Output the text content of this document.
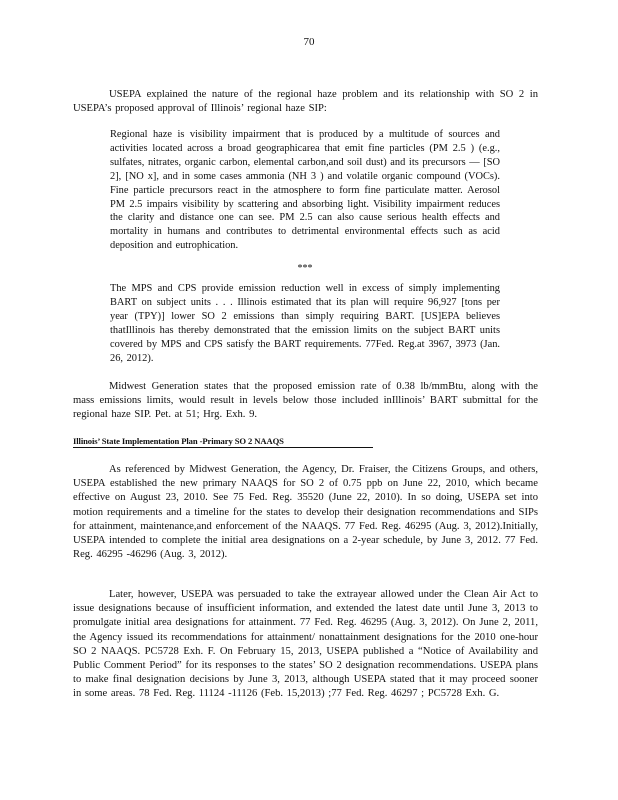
70
USEPA explained the nature of the regional haze problem and its relationship with SO 2 in USEPA’s proposed approval of Illinois’ regional haze SIP:
Regional haze is visibility impairment that is produced by a multitude of sources and activities located across a broad geographicarea that emit fine particles (PM 2.5 ) (e.g., sulfates, nitrates, organic carbon, elemental carbon,and soil dust) and its precursors — [SO 2], [NO x], and in some cases ammonia (NH 3 ) and volatile organic compound (VOCs). Fine particle precursors react in the atmosphere to form fine particulate matter. Aerosol PM 2.5 impairs visibility by scattering and absorbing light. Visibility impairment reduces the clarity and distance one can see. PM 2.5 can also cause serious health effects and mortality in humans and contributes to detrimental environmental effects such as acid deposition and eutrophication.
***
The MPS and CPS provide emission reduction well in excess of simply implementing BART on subject units . . . Illinois estimated that its plan will require 96,927 [tons per year (TPY)] lower SO 2 emissions than simply requiring BART. [US]EPA believes thatIllinois has thereby demonstrated that the emission limits on the subject BART units covered by MPS and CPS satisfy the BART requirements. 77Fed. Reg.at 3967, 3973 (Jan. 26, 2012).
Midwest Generation states that the proposed emission rate of 0.38 lb/mmBtu, along with the mass emissions limits, would result in levels below those included inIllinois’ BART submittal for the regional haze SIP. Pet. at 51; Hrg. Exh. 9.
Illinois’ State Implementation Plan -Primary SO 2 NAAQS
As referenced by Midwest Generation, the Agency, Dr. Fraiser, the Citizens Groups, and others, USEPA established the new primary NAAQS for SO 2 of 0.75 ppb on June 22, 2010, which became effective on August 23, 2010. See 75 Fed. Reg. 35520 (June 22, 2010). In so doing, USEPA set into motion requirements and a timeline for the states to develop their designation recommendations and SIPs for attainment, maintenance,and enforcement of the NAAQS. 77 Fed. Reg. 46295 (Aug. 3, 2012).Initially, USEPA intended to complete the initial area designations on a 2-year schedule, by June 3, 2012. 77 Fed. Reg. 46295 -46296 (Aug. 3, 2012).
Later, however, USEPA was persuaded to take the extrayear allowed under the Clean Air Act to issue designations because of insufficient information, and extended the latest date until June 3, 2013 to promulgate initial area designations for attainment. 77 Fed. Reg. 46295 (Aug. 3, 2012). On June 2, 2011, the Agency issued its recommendations for attainment/ nonattainment designations for the 2010 one-hour SO 2 NAAQS. PC5728 Exh. F. On February 15, 2013, USEPA published a “Notice of Availability and Public Comment Period” for its responses to the states’ SO 2 designation recommendations. USEPA plans to make final designation decisions by June 3, 2013, although USEPA stated that it may proceed sooner in some areas. 78 Fed. Reg. 11124 -11126 (Feb. 15,2013) ;77 Fed. Reg. 46297 ; PC5728 Exh. G.
